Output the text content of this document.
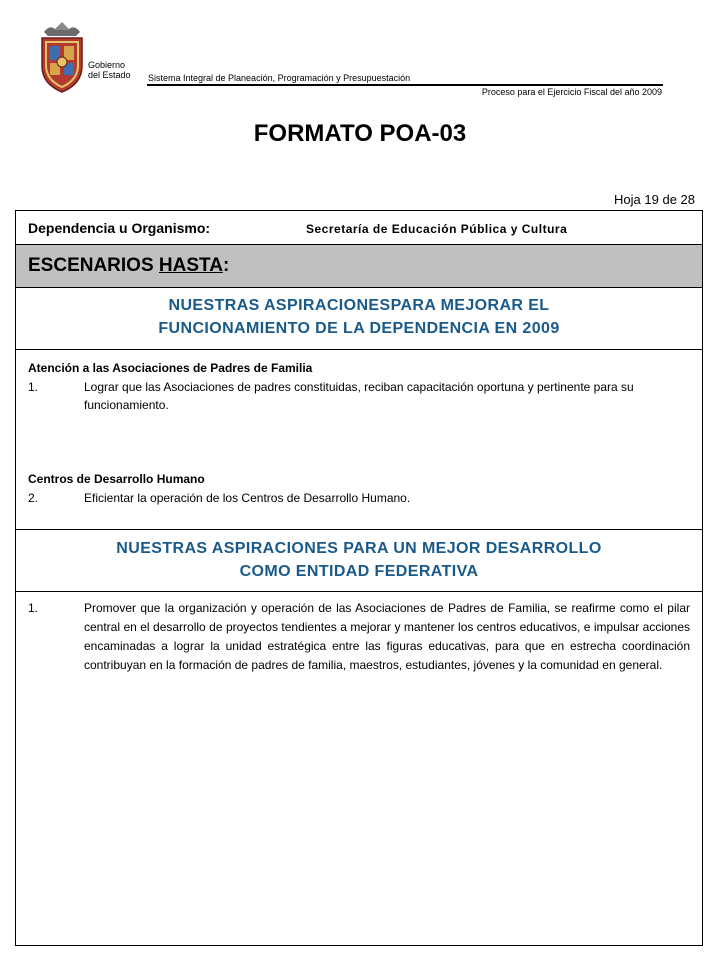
Gobierno
del Estado Sistema Integral de Planeación, Programación y Presupuestación
Proceso para el Ejercicio Fiscal del año 2009
FORMATO POA-03
Hoja 19 de 28
Dependencia u Organismo:	Secretaría de Educación Pública y Cultura
ESCENARIOS HASTA:
NUESTRAS ASPIRACIONESPARA MEJORAR EL
FUNCIONAMIENTO DE LA DEPENDENCIA EN 2009
Atención a las Asociaciones de Padres de Familia
1.	Lograr que las Asociaciones de padres constituidas, reciban capacitación oportuna y pertinente para su funcionamiento.
Centros de Desarrollo Humano
2.	Eficientar la operación de los Centros de Desarrollo Humano.
NUESTRAS ASPIRACIONES PARA UN MEJOR DESARROLLO
COMO ENTIDAD FEDERATIVA
1.	Promover que la organización y operación de las Asociaciones de Padres de Familia, se reafirme como el pilar central en el desarrollo de proyectos tendientes a mejorar y mantener los centros educativos, e impulsar acciones encaminadas a lograr la unidad estratégica entre las figuras educativas, para que en estrecha coordinación contribuyan en la formación de padres de familia, maestros, estudiantes, jóvenes y la comunidad en general.
